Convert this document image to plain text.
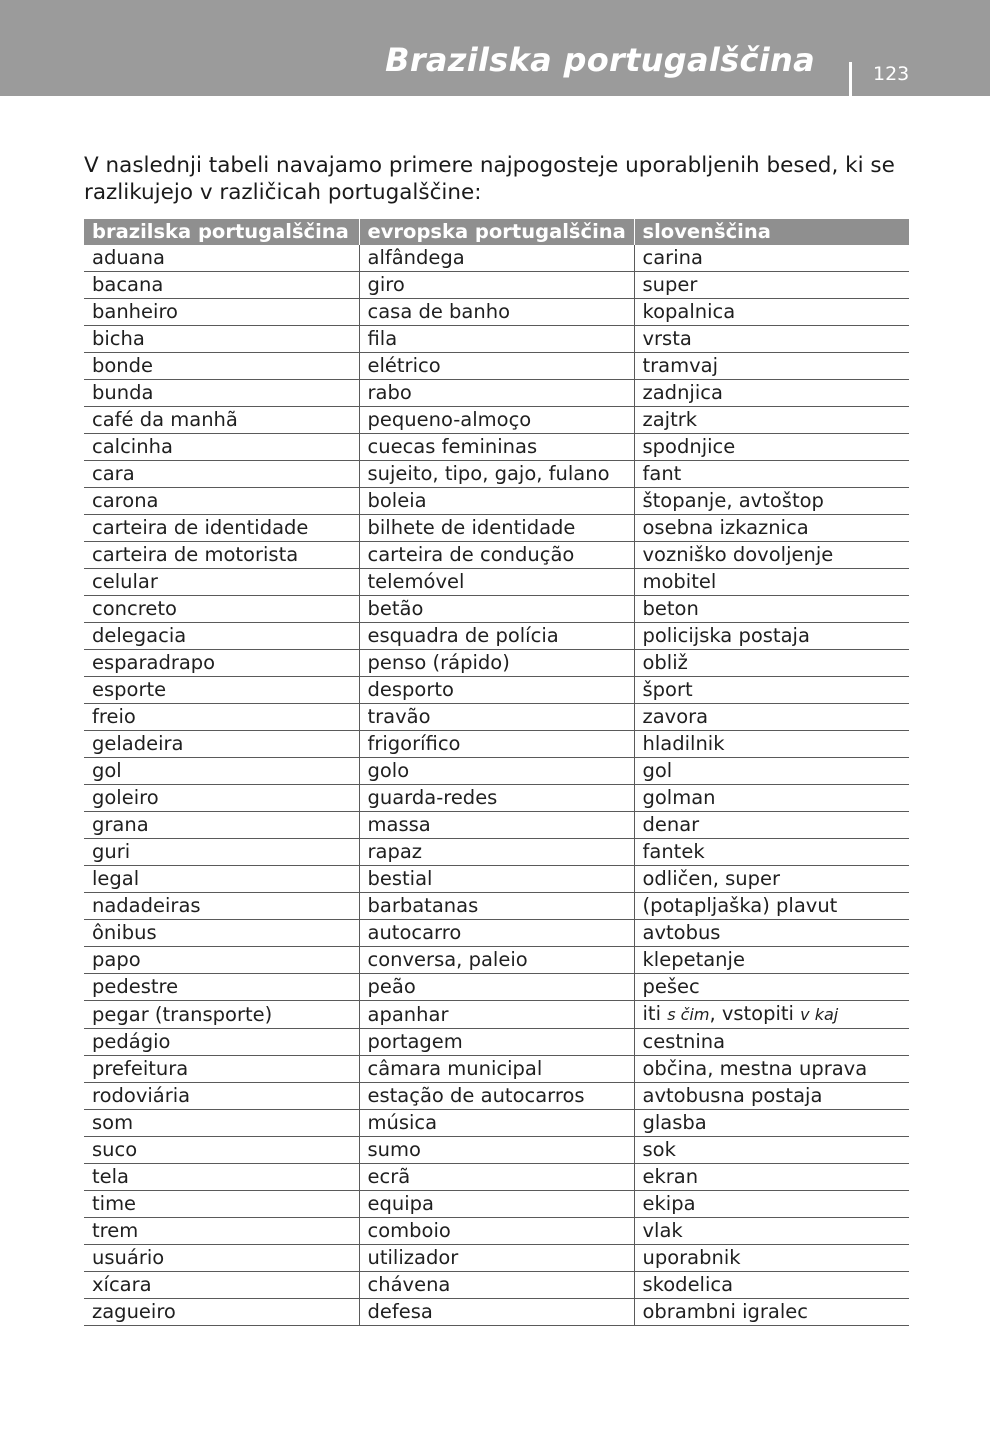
Brazilska portugalščina	123

V naslednji tabeli navajamo primere najpogosteje uporabljenih besed, ki se razlikujejo v različicah portugalščine:

brazilska portugalščina	evropska portugalščina	slovenščina
aduana	alfândega	carina
bacana	giro	super
banheiro	casa de banho	kopalnica
bicha	fila	vrsta
bonde	elétrico	tramvaj
bunda	rabo	zadnjica
café da manhã	pequeno-almoço	zajtrk
calcinha	cuecas femininas	spodnjice
cara	sujeito, tipo, gajo, fulano	fant
carona	boleia	štopanje, avtoštop
carteira de identidade	bilhete de identidade	osebna izkaznica
carteira de motorista	carteira de condução	vozniško dovoljenje
celular	telemóvel	mobitel
concreto	betão	beton
delegacia	esquadra de polícia	policijska postaja
esparadrapo	penso (rápido)	obliž
esporte	desporto	šport
freio	travão	zavora
geladeira	frigorífico	hladilnik
gol	golo	gol
goleiro	guarda-redes	golman
grana	massa	denar
guri	rapaz	fantek
legal	bestial	odličen, super
nadadeiras	barbatanas	(potapljaška) plavut
ônibus	autocarro	avtobus
papo	conversa, paleio	klepetanje
pedestre	peão	pešec
pegar (transporte)	apanhar	iti s čim, vstopiti v kaj
pedágio	portagem	cestnina
prefeitura	câmara municipal	občina, mestna uprava
rodoviária	estação de autocarros	avtobusna postaja
som	música	glasba
suco	sumo	sok
tela	ecrã	ekran
time	equipa	ekipa
trem	comboio	vlak
usuário	utilizador	uporabnik
xícara	chávena	skodelica
zagueiro	defesa	obrambni igralec
